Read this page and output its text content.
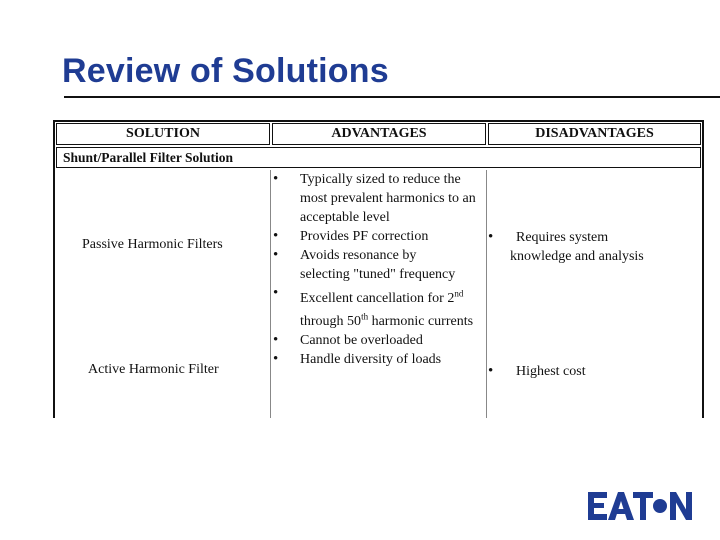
Review of Solutions
SOLUTION	ADVANTAGES	DISADVANTAGES
Shunt/Parallel Filter Solution
Passive Harmonic Filters
Active Harmonic Filter
• Typically sized to reduce the most prevalent harmonics to an acceptable level
• Provides PF correction
• Avoids resonance by selecting "tuned" frequency
• Excellent cancellation for 2nd through 50th harmonic currents
• Cannot be overloaded
• Handle diversity of loads
• Requires system
knowledge and analysis
• Highest cost
